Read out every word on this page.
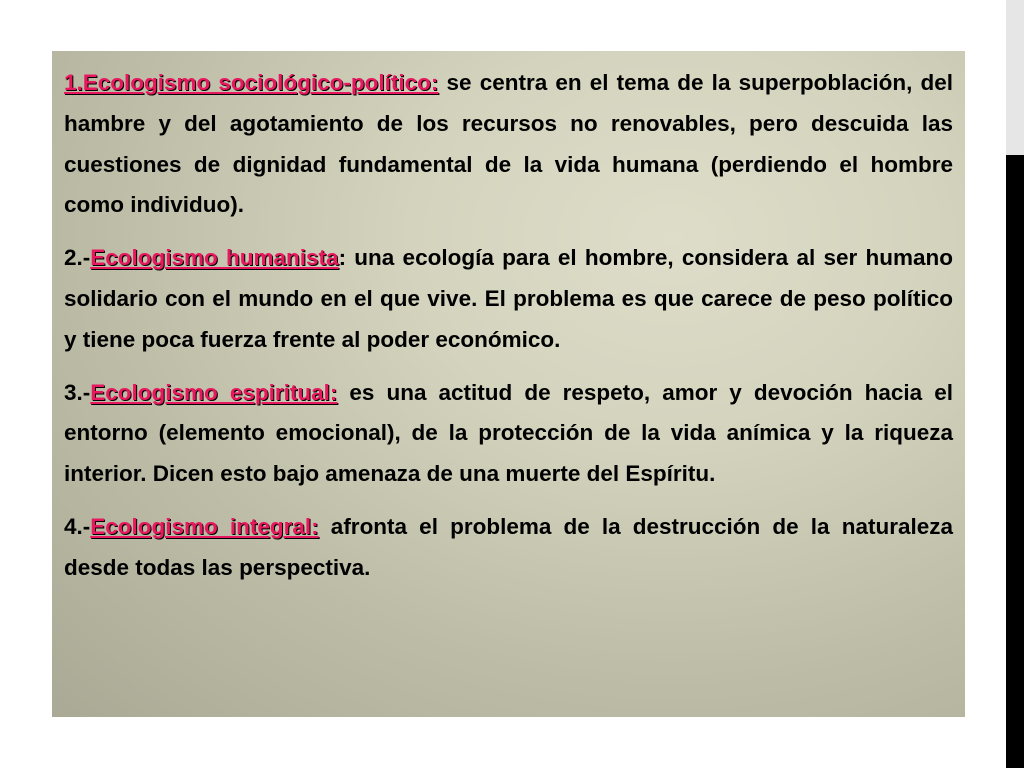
1.Ecologismo sociológico-político: se centra en el tema de la superpoblación, del hambre y del agotamiento de los recursos no renovables, pero descuida las cuestiones de dignidad fundamental de la vida humana (perdiendo el hombre como individuo).

2.-Ecologismo humanista: una ecología para el hombre, considera al ser humano solidario con el mundo en el que vive. El problema es que carece de peso político y tiene poca fuerza frente al poder económico.

3.-Ecologismo espiritual: es una actitud de respeto, amor y devoción hacia el entorno (elemento emocional), de la protección de la vida anímica y la riqueza interior. Dicen esto bajo amenaza de una muerte del Espíritu.

4.-Ecologismo integral: afronta el problema de la destrucción de la naturaleza desde todas las perspectiva.
